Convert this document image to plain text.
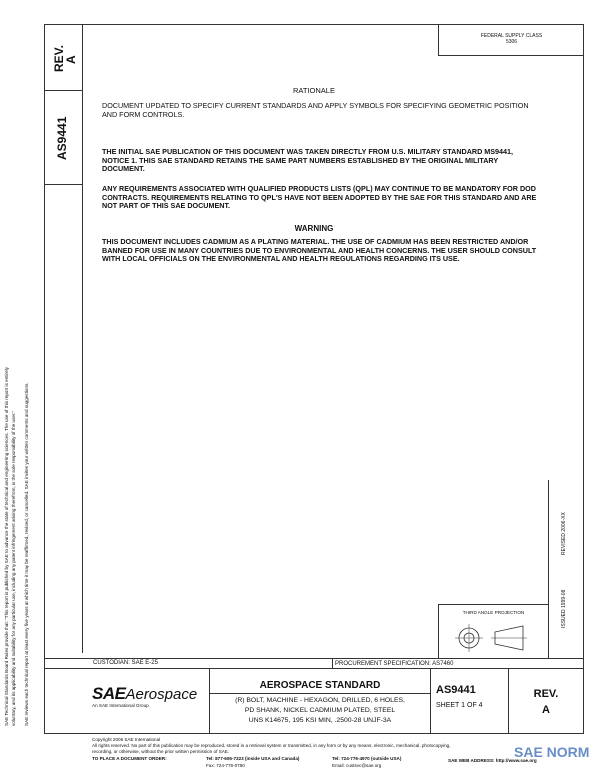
SAE Technical Standards Board Rules provide that: "This report is published by SAE to advance the state of technical and engineering sciences. The use of this report is entirely voluntary, and its applicability and suitability for any particular use, including any patent infringement arising therefrom, is the sole responsibility of the user." SAE reviews each technical report at least every five years at which time it may be reaffirmed, revised, or cancelled. SAE invites your written comments and suggestions.
REV.
A
AS9441
FEDERAL SUPPLY CLASS
5306
RATIONALE
DOCUMENT UPDATED TO SPECIFY CURRENT STANDARDS AND APPLY SYMBOLS FOR SPECIFYING GEOMETRIC POSITION AND FORM CONTROLS.
THE INITIAL SAE PUBLICATION OF THIS DOCUMENT WAS TAKEN DIRECTLY FROM U.S. MILITARY STANDARD MS9441, NOTICE 1. THIS SAE STANDARD RETAINS THE SAME PART NUMBERS ESTABLISHED BY THE ORIGINAL MILITARY DOCUMENT.
ANY REQUIREMENTS ASSOCIATED WITH QUALIFIED PRODUCTS LISTS (QPL) MAY CONTINUE TO BE MANDATORY FOR DOD CONTRACTS. REQUIREMENTS RELATING TO QPL'S HAVE NOT BEEN ADOPTED BY THE SAE FOR THIS STANDARD AND ARE NOT PART OF THIS SAE DOCUMENT.
WARNING
THIS DOCUMENT INCLUDES CADMIUM AS A PLATING MATERIAL. THE USE OF CADMIUM HAS BEEN RESTRICTED AND/OR BANNED FOR USE IN MANY COUNTRIES DUE TO ENVIRONMENTAL AND HEALTH CONCERNS. THE USER SHOULD CONSULT WITH LOCAL OFFICIALS ON THE ENVIRONMENTAL AND HEALTH REGULATIONS REGARDING ITS USE.
REVISED 2006-XX
ISSUED 1999-08
THIRD ANGLE PROJECTION
CUSTODIAN: SAE E-25	PROCUREMENT SPECIFICATION: AS7460
SAEAerospace
An SAE International Group
AEROSPACE STANDARD
(R) BOLT, MACHINE - HEXAGON, DRILLED, 6 HOLES,
PD SHANK, NICKEL CADMIUM PLATED, STEEL
UNS K14675, 195 KSI MIN, .2500-28 UNJF-3A
AS9441
SHEET 1 OF 4
REV.
A
Copyright 2006 SAE International
All rights reserved. No part of this publication may be reproduced, stored in a retrieval system or transmitted, in any form or by any means, electronic, mechanical, photocopying,
recording, or otherwise, without the prior written permission of SAE.
TO PLACE A DOCUMENT ORDER:	Tel: 877-606-7323 (inside USA and Canada)	Tel: 724-776-4970 (outside USA)
Fax: 724-776-0790	Email: custsvc@sae.org
SAE WEB ADDRESS: http://www.sae.org
SAE NORM
